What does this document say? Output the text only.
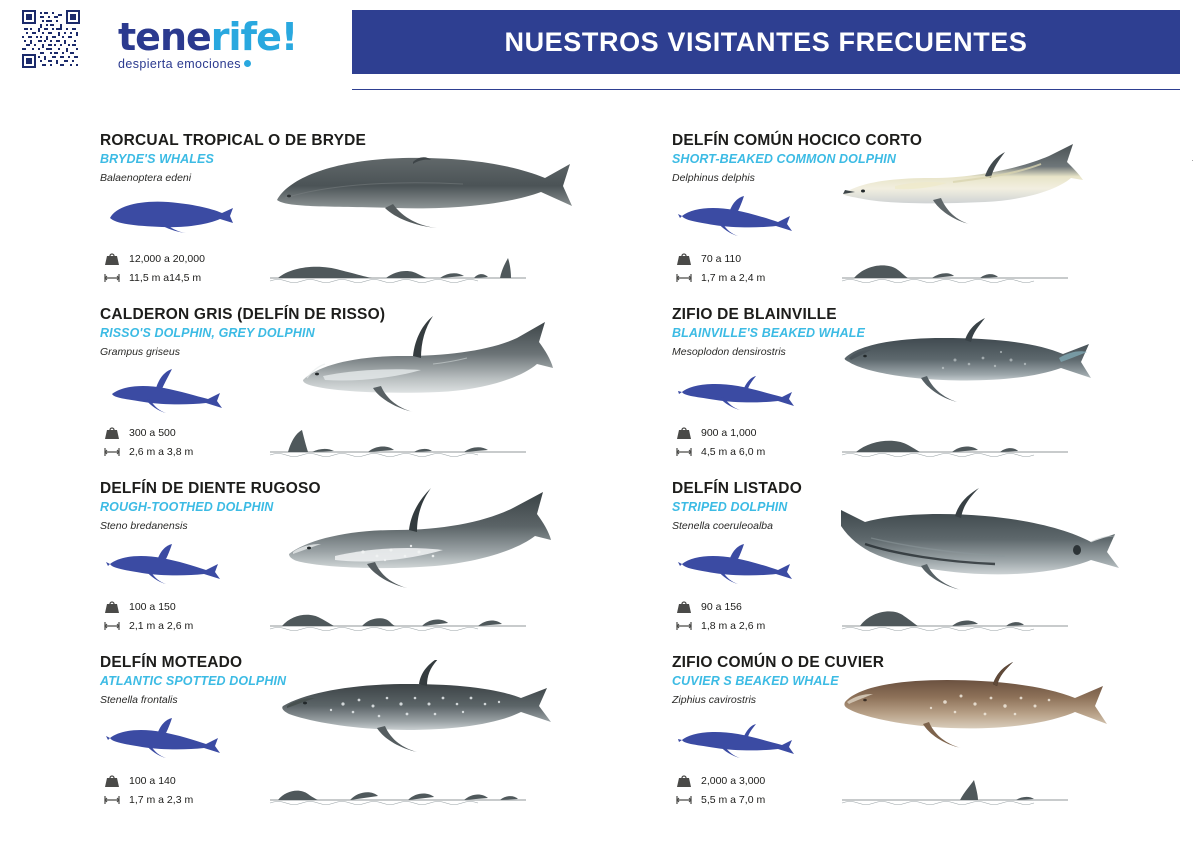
tenerife!
despierta emociones
NUESTROS VISITANTES FRECUENTES
RORCUAL TROPICAL O DE BRYDE
BRYDE'S WHALES
Balaenoptera edeni
12,000 a 20,000
11,5 m a14,5 m
DELFÍN COMÚN HOCICO CORTO
SHORT-BEAKED COMMON DOLPHIN
Delphinus delphis
70 a 110
1,7 m a 2,4 m
CALDERON GRIS (DELFÍN DE RISSO)
RISSO'S DOLPHIN, GREY DOLPHIN
Grampus griseus
300 a 500
2,6 m a 3,8 m
ZIFIO DE BLAINVILLE
BLAINVILLE'S BEAKED WHALE
Mesoplodon densirostris
900 a 1,000
4,5 m a 6,0 m
DELFÍN DE DIENTE RUGOSO
ROUGH-TOOTHED DOLPHIN
Steno bredanensis
100 a 150
2,1 m a 2,6 m
DELFÍN LISTADO
STRIPED DOLPHIN
Stenella coeruleoalba
90 a 156
1,8 m a 2,6 m
DELFÍN MOTEADO
ATLANTIC SPOTTED DOLPHIN
Stenella frontalis
100 a 140
1,7 m a 2,3 m
ZIFIO COMÚN O DE CUVIER
CUVIER S BEAKED WHALE
Ziphius cavirostris
2,000 a 3,000
5,5 m a 7,0 m
·
